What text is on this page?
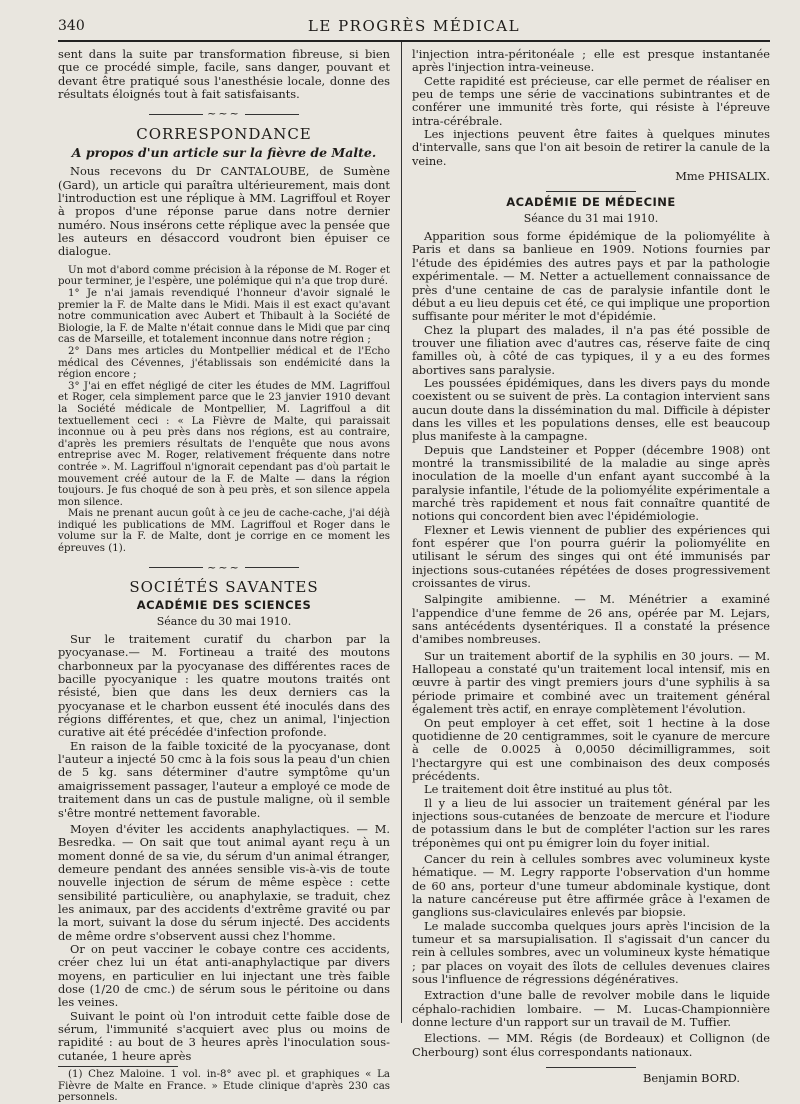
340	LE PROGRÈS MÉDICAL

sent dans la suite par transformation fibreuse, si bien que ce procédé simple, facile, sans danger, pouvant et devant être pratiqué sous l'anesthésie locale, donne des résultats éloignés tout à fait satisfaisants.

~~~
CORRESPONDANCE
A propos d'un article sur la fièvre de Malte.

Nous recevons du Dr CANTALOUBE, de Sumène (Gard), un article qui paraîtra ultérieurement, mais dont l'introduction est une réplique à MM. Lagriffoul et Royer à propos d'une réponse parue dans notre dernier numéro. Nous insérons cette réplique avec la pensée que les auteurs en désaccord voudront bien épuiser ce dialogue.

Un mot d'abord comme précision à la réponse de M. Roger et pour terminer, je l'espère, une polémique qui n'a que trop duré.

1° Je n'ai jamais revendiqué l'honneur d'avoir signalé le premier la F. de Malte dans le Midi. Mais il est exact qu'avant notre communication avec Aubert et Thibault à la Société de Biologie, la F. de Malte n'était connue dans le Midi que par cinq cas de Marseille, et totalement inconnue dans notre région ;

2° Dans mes articles du Montpellier médical et de l'Echo médical des Cévennes, j'établissais son endémicité dans la région encore ;

3° J'ai en effet négligé de citer les études de MM. Lagriffoul et Roger, cela simplement parce que le 23 janvier 1910 devant la Société médicale de Montpellier, M. Lagriffoul a dit textuellement ceci : « La Fièvre de Malte, qui paraissait inconnue ou à peu près dans nos régions, est au contraire, d'après les premiers résultats de l'enquête que nous avons entreprise avec M. Roger, relativement fréquente dans notre contrée ». M. Lagriffoul n'ignorait cependant pas d'où partait le mouvement créé autour de la F. de Malte — dans la région toujours. Je fus choqué de son à peu près, et son silence appela mon silence.

Mais ne prenant aucun goût à ce jeu de cache-cache, j'ai déjà indiqué les publications de MM. Lagriffoul et Roger dans le volume sur la F. de Malte, dont je corrige en ce moment les épreuves (1).

~~~
SOCIÉTÉS SAVANTES
ACADÉMIE DES SCIENCES
Séance du 30 mai 1910.

Sur le traitement curatif du charbon par la pyocyanase.— M. Fortineau a traité des moutons charbonneux par la pyocyanase des différentes races de bacille pyocyanique : les quatre moutons traités ont résisté, bien que dans les deux derniers cas la pyocyanase et le charbon eussent été inoculés dans des régions différentes, et que, chez un animal, l'injection curative ait été précédée d'infection profonde.

En raison de la faible toxicité de la pyocyanase, dont l'auteur a injecté 50 cmc à la fois sous la peau d'un chien de 5 kg. sans déterminer d'autre symptôme qu'un amaigrissement passager, l'auteur a employé ce mode de traitement dans un cas de pustule maligne, où il semble s'être montré nettement favorable.

Moyen d'éviter les accidents anaphylactiques. — M. Besredka. — On sait que tout animal ayant reçu à un moment donné de sa vie, du sérum d'un animal étranger, demeure pendant des années sensible vis-à-vis de toute nouvelle injection de sérum de même espèce : cette sensibilité particulière, ou anaphylaxie, se traduit, chez les animaux, par des accidents d'extrême gravité ou par la mort, suivant la dose du sérum injecté. Des accidents de même ordre s'observent aussi chez l'homme.

Or on peut vacciner le cobaye contre ces accidents, créer chez lui un état anti-anaphylactique par divers moyens, en particulier en lui injectant une très faible dose (1/20 de cmc.) de sérum sous le péritoine ou dans les veines.

Suivant le point où l'on introduit cette faible dose de sérum, l'immunité s'acquiert avec plus ou moins de rapidité : au bout de 3 heures après l'inoculation sous-cutanée, 1 heure après

(1) Chez Maloine. 1 vol. in-8° avec pl. et graphiques « La Fièvre de Malte en France. » Etude clinique d'après 230 cas personnels.

l'injection intra-péritonéale ; elle est presque instantanée après l'injection intra-veineuse.

Cette rapidité est précieuse, car elle permet de réaliser en peu de temps une série de vaccinations subintrantes et de conférer une immunité très forte, qui résiste à l'épreuve intra-cérébrale.

Les injections peuvent être faites à quelques minutes d'intervalle, sans que l'on ait besoin de retirer la canule de la veine.

Mme PHISALIX.
ACADÉMIE DE MÉDECINE
Séance du 31 mai 1910.

Apparition sous forme épidémique de la poliomyélite à Paris et dans sa banlieue en 1909. Notions fournies par l'étude des épidémies des autres pays et par la pathologie expérimentale. — M. Netter a actuellement connaissance de près d'une centaine de cas de paralysie infantile dont le début a eu lieu depuis cet été, ce qui implique une proportion suffisante pour mériter le mot d'épidémie.

Chez la plupart des malades, il n'a pas été possible de trouver une filiation avec d'autres cas, réserve faite de cinq familles où, à côté de cas typiques, il y a eu des formes abortives sans paralysie.

Les poussées épidémiques, dans les divers pays du monde coexistent ou se suivent de près. La contagion intervient sans aucun doute dans la dissémination du mal. Difficile à dépister dans les villes et les populations denses, elle est beaucoup plus manifeste à la campagne.

Depuis que Landsteiner et Popper (décembre 1908) ont montré la transmissibilité de la maladie au singe après inoculation de la moelle d'un enfant ayant succombé à la paralysie infantile, l'étude de la poliomyélite expérimentale a marché très rapidement et nous fait connaître quantité de notions qui concordent bien avec l'épidémiologie.

Flexner et Lewis viennent de publier des expériences qui font espérer que l'on pourra guérir la poliomyélite en utilisant le sérum des singes qui ont été immunisés par injections sous-cutanées répétées de doses progressivement croissantes de virus.

Salpingite amibienne. — M. Ménétrier a examiné l'appendice d'une femme de 26 ans, opérée par M. Lejars, sans antécédents dysentériques. Il a constaté la présence d'amibes nombreuses.

Sur un traitement abortif de la syphilis en 30 jours. — M. Hallopeau a constaté qu'un traitement local intensif, mis en œuvre à partir des vingt premiers jours d'une syphilis à sa période primaire et combiné avec un traitement général également très actif, en enraye complètement l'évolution.

On peut employer à cet effet, soit 1 hectine à la dose quotidienne de 20 centigrammes, soit le cyanure de mercure à celle de 0.0025 à 0,0050 décimilligrammes, soit l'hectargyre qui est une combinaison des deux composés précédents.

Le traitement doit être institué au plus tôt.

Il y a lieu de lui associer un traitement général par les injections sous-cutanées de benzoate de mercure et l'iodure de potassium dans le but de compléter l'action sur les rares tréponèmes qui ont pu émigrer loin du foyer initial.

Cancer du rein à cellules sombres avec volumineux kyste hématique. — M. Legry rapporte l'observation d'un homme de 60 ans, porteur d'une tumeur abdominale kystique, dont la nature cancéreuse put être affirmée grâce à l'examen de ganglions sus-claviculaires enlevés par biopsie.

Le malade succomba quelques jours après l'incision de la tumeur et sa marsupialisation. Il s'agissait d'un cancer du rein à cellules sombres, avec un volumineux kyste hématique ; par places on voyait des îlots de cellules devenues claires sous l'influence de régressions dégénératives.

Extraction d'une balle de revolver mobile dans le liquide céphalo-rachidien lombaire. — M. Lucas-Championnière donne lecture d'un rapport sur un travail de M. Tuffier.

Elections. — MM. Régis (de Bordeaux) et Collignon (de Cherbourg) sont élus correspondants nationaux.

Benjamin BORD.
